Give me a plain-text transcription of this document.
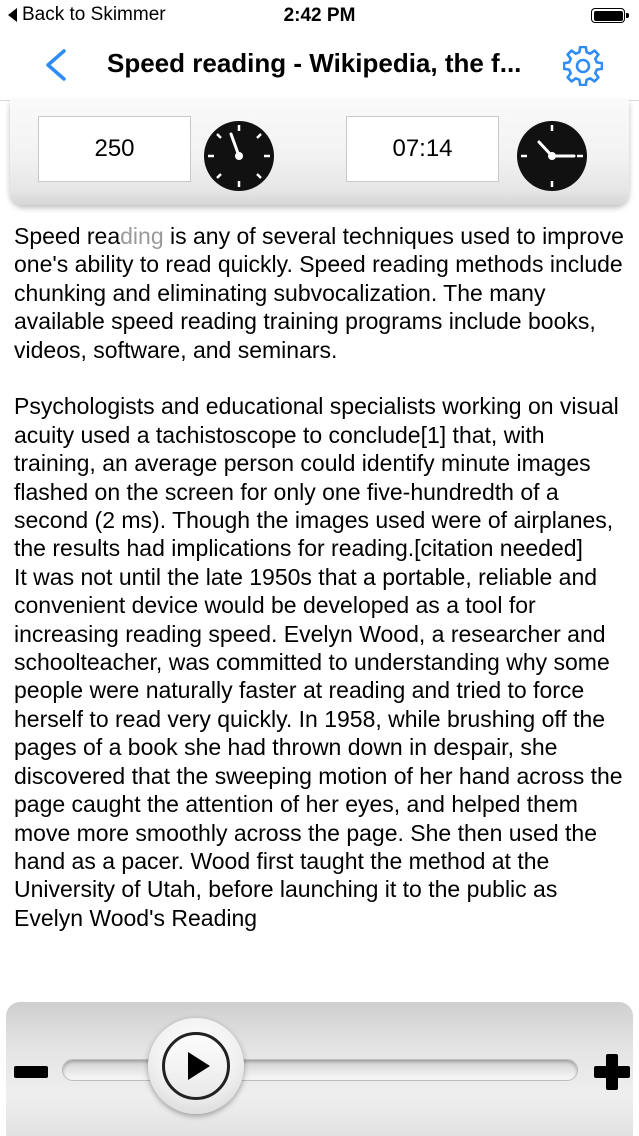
Back to Skimmer	2:42 PM
Speed reading - Wikipedia, the f...
250	07:14

Speed reading is any of several techniques used to improve one's ability to read quickly. Speed reading methods include chunking and eliminating subvocalization. The many available speed reading training programs include books, videos, software, and seminars.

Psychologists and educational specialists working on visual acuity used a tachistoscope to conclude[1] that, with training, an average person could identify minute images flashed on the screen for only one five-hundredth of a second (2 ms). Though the images used were of airplanes, the results had implications for reading.[citation needed]

It was not until the late 1950s that a portable, reliable and convenient device would be developed as a tool for increasing reading speed. Evelyn Wood, a researcher and schoolteacher, was committed to understanding why some people were naturally faster at reading and tried to force herself to read very quickly. In 1958, while brushing off the pages of a book she had thrown down in despair, she discovered that the sweeping motion of her hand across the page caught the attention of her eyes, and helped them move more smoothly across the page. She then used the hand as a pacer. Wood first taught the method at the University of Utah, before launching it to the public as Evelyn Wood's Reading
